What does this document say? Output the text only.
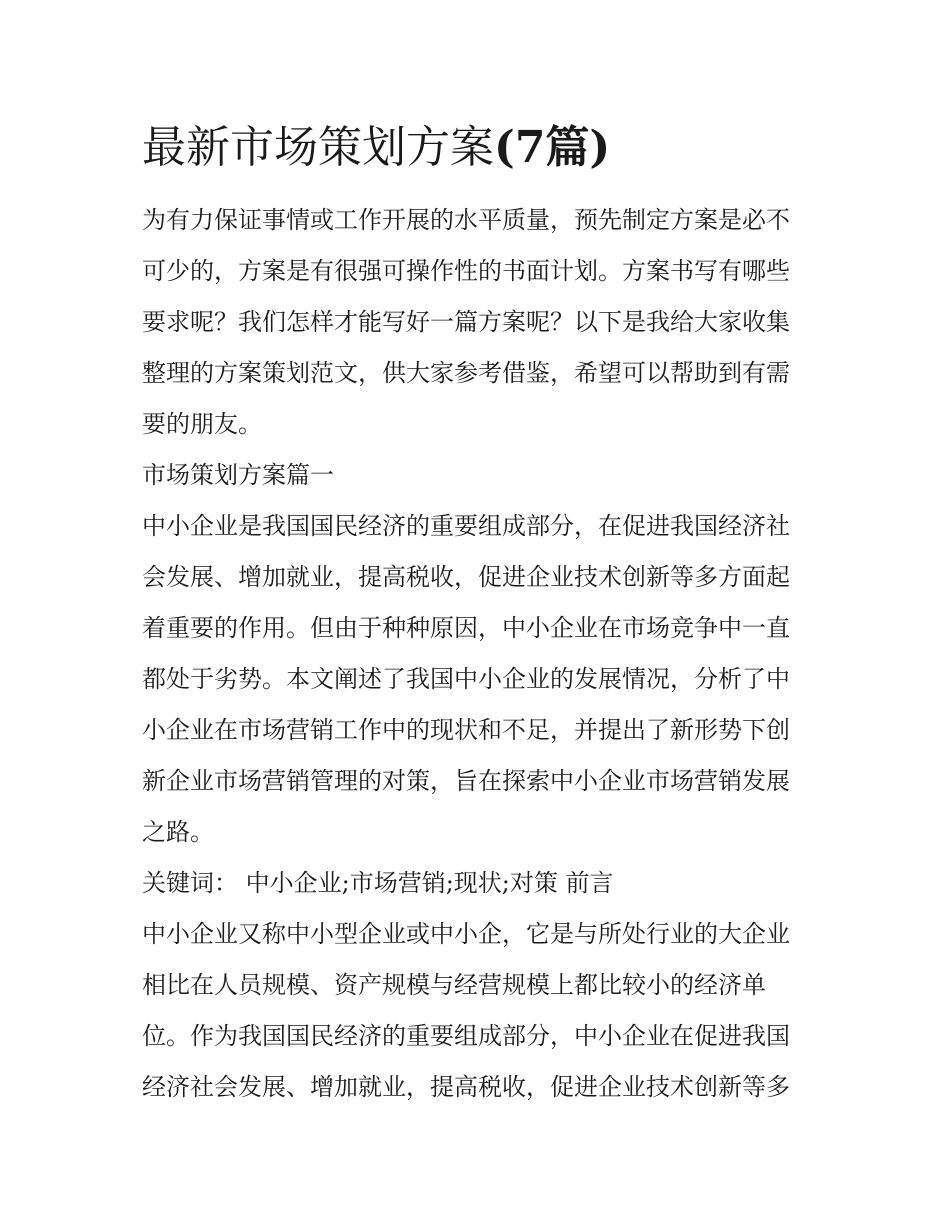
最新市场策划方案(7篇)

为有力保证事情或工作开展的水平质量，预先制定方案是必不

可少的，方案是有很强可操作性的书面计划。方案书写有哪些

要求呢？我们怎样才能写好一篇方案呢？以下是我给大家收集

整理的方案策划范文，供大家参考借鉴，希望可以帮助到有需

要的朋友。

市场策划方案篇一

中小企业是我国国民经济的重要组成部分，在促进我国经济社

会发展、增加就业，提高税收，促进企业技术创新等多方面起

着重要的作用。但由于种种原因，中小企业在市场竞争中一直

都处于劣势。本文阐述了我国中小企业的发展情况，分析了中

小企业在市场营销工作中的现状和不足，并提出了新形势下创

新企业市场营销管理的对策，旨在探索中小企业市场营销发展

之路。

关键词： 中小企业;市场营销;现状;对策 前言

中小企业又称中小型企业或中小企，它是与所处行业的大企业

相比在人员规模、资产规模与经营规模上都比较小的经济单

位。作为我国国民经济的重要组成部分，中小企业在促进我国

经济社会发展、增加就业，提高税收，促进企业技术创新等多
